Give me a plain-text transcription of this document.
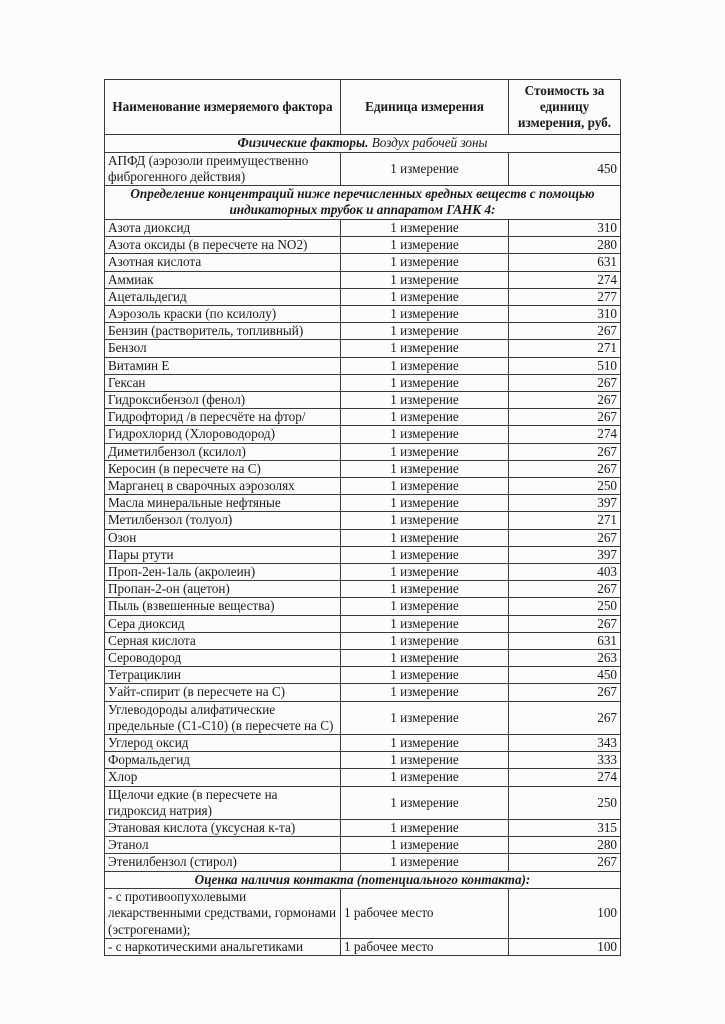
Наименование измеряемого фактора	Единица измерения	Стоимость за единицу измерения, руб.
Физические факторы. Воздух рабочей зоны		
АПФД (аэрозоли преимущественно фиброгенного действия)	1 измерение	450
Определение концентраций ниже перечисленных вредных веществ с помощью индикаторных трубок и аппаратом ГАНК 4:		
Азота диоксид	1 измерение	310
Азота оксиды (в пересчете на NO2)	1 измерение	280
Азотная кислота	1 измерение	631
Аммиак	1 измерение	274
Ацетальдегид	1 измерение	277
Аэрозоль краски (по ксилолу)	1 измерение	310
Бензин (растворитель, топливный)	1 измерение	267
Бензол	1 измерение	271
Витамин Е	1 измерение	510
Гексан	1 измерение	267
Гидроксибензол (фенол)	1 измерение	267
Гидрофторид /в пересчёте на фтор/	1 измерение	267
Гидрохлорид (Хлороводород)	1 измерение	274
Диметилбензол (ксилол)	1 измерение	267
Керосин (в пересчете на С)	1 измерение	267
Марганец в сварочных аэрозолях	1 измерение	250
Масла минеральные нефтяные	1 измерение	397
Метилбензол (толуол)	1 измерение	271
Озон	1 измерение	267
Пары ртути	1 измерение	397
Проп-2ен-1аль (акролеин)	1 измерение	403
Пропан-2-он (ацетон)	1 измерение	267
Пыль (взвешенные вещества)	1 измерение	250
Сера диоксид	1 измерение	267
Серная кислота	1 измерение	631
Сероводород	1 измерение	263
Тетрациклин	1 измерение	450
Уайт-спирит (в пересчете на С)	1 измерение	267
Углеводороды алифатические предельные (С1-С10) (в пересчете на С)	1 измерение	267
Углерод оксид	1 измерение	343
Формальдегид	1 измерение	333
Хлор	1 измерение	274
Щелочи едкие (в пересчете на гидроксид натрия)	1 измерение	250
Этановая кислота (уксусная к-та)	1 измерение	315
Этанол	1 измерение	280
Этенилбензол (стирол)	1 измерение	267
Оценка наличия контакта (потенциального контакта):		
- с противоопухолевыми лекарственными средствами, гормонами (эстрогенами);	1 рабочее место	100
- с наркотическими анальгетиками	1 рабочее место	100
